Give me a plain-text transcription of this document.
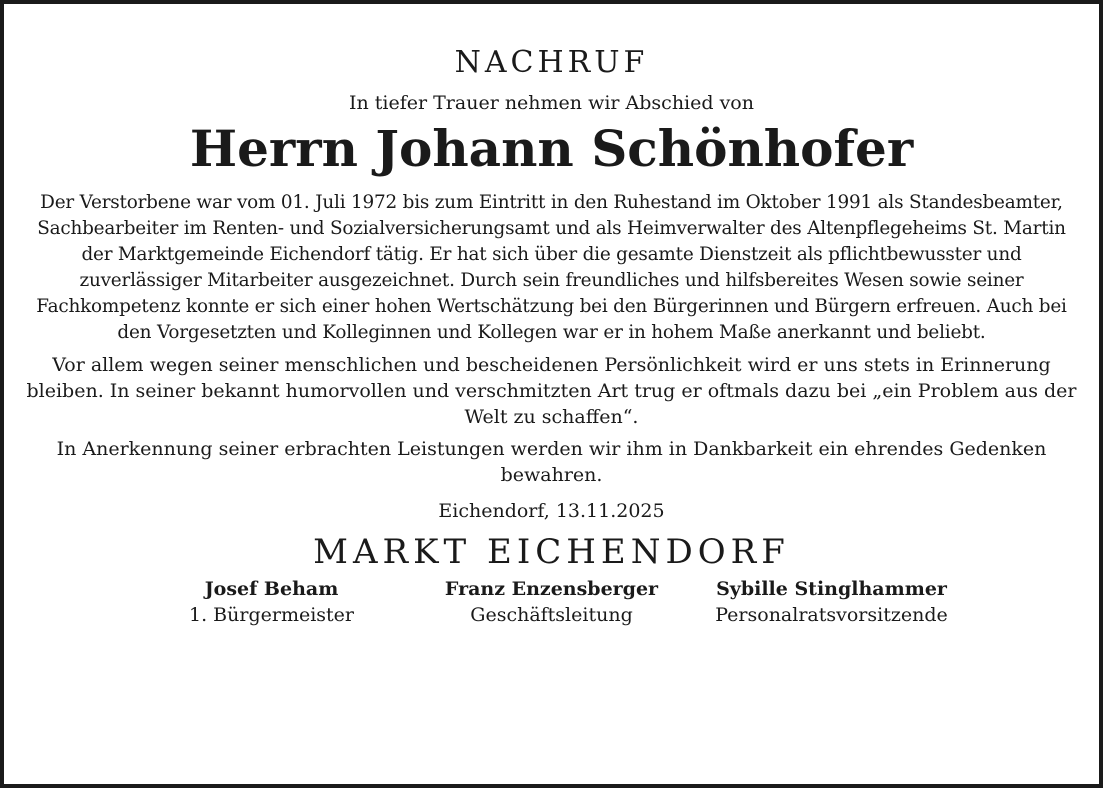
NACHRUF

In tiefer Trauer nehmen wir Abschied von

Herrn Johann Schönhofer

Der Verstorbene war vom 01. Juli 1972 bis zum Eintritt in den Ruhestand im Oktober 1991 als Standesbeamter, Sachbearbeiter im Renten- und Sozialversicherungsamt und als Heimverwalter des Altenpflegeheims St. Martin der Marktgemeinde Eichendorf tätig. Er hat sich über die gesamte Dienstzeit als pflichtbewusster und zuverlässiger Mitarbeiter ausgezeichnet. Durch sein freundliches und hilfsbereites Wesen sowie seiner Fachkompetenz konnte er sich einer hohen Wertschätzung bei den Bürgerinnen und Bürgern erfreuen. Auch bei den Vorgesetzten und Kolleginnen und Kollegen war er in hohem Maße anerkannt und beliebt.

Vor allem wegen seiner menschlichen und bescheidenen Persönlichkeit wird er uns stets in Erinnerung bleiben. In seiner bekannt humorvollen und verschmitzten Art trug er oftmals dazu bei „ein Problem aus der Welt zu schaffen“.

In Anerkennung seiner erbrachten Leistungen werden wir ihm in Dankbarkeit ein ehrendes Gedenken bewahren.

Eichendorf, 13.11.2025

MARKT EICHENDORF
Josef Beham
1. Bürgermeister
Franz Enzensberger
Geschäftsleitung
Sybille Stinglhammer
Personalratsvorsitzende
